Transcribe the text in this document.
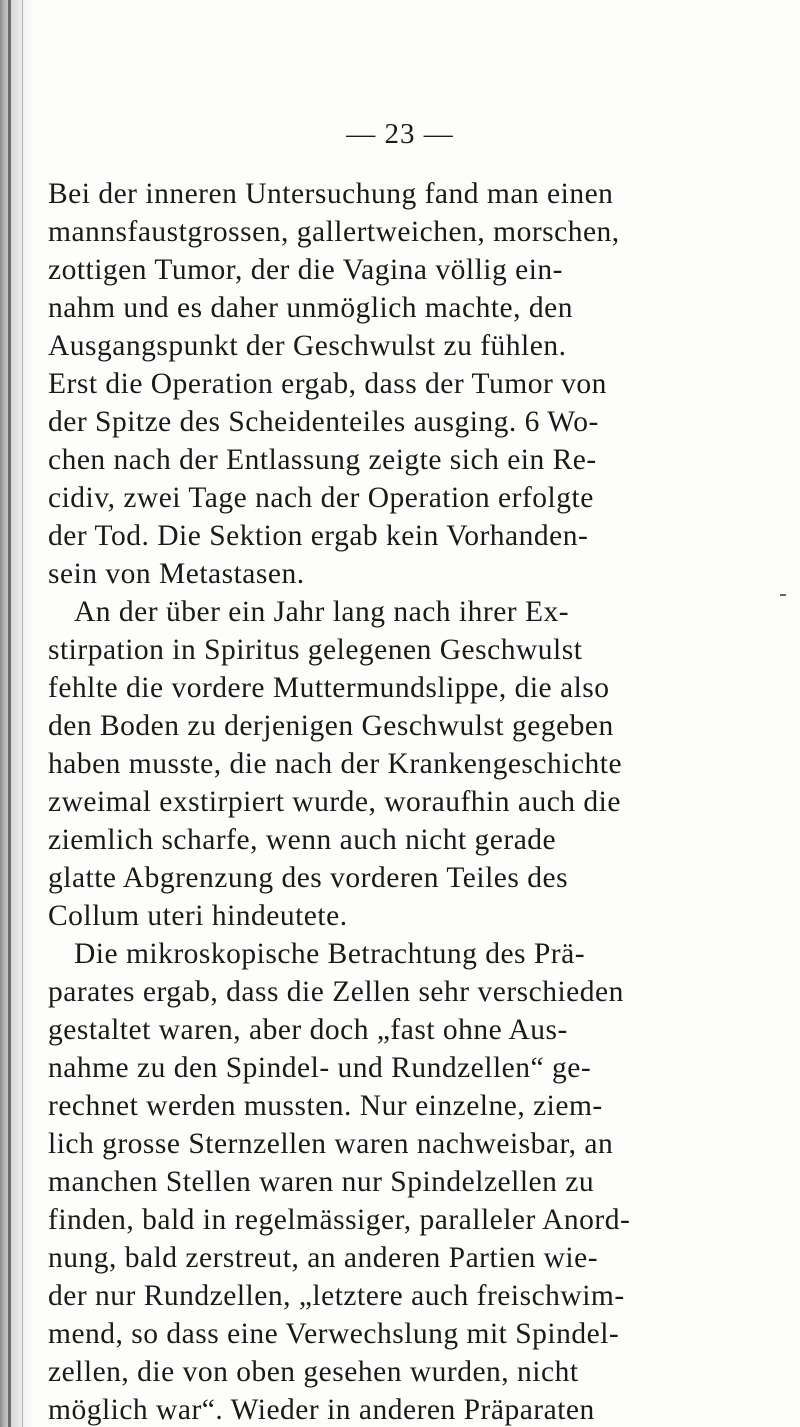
— 23 —
Bei der inneren Untersuchung fand man einen
mannsfaustgrossen, gallertweichen, morschen,
zottigen Tumor, der die Vagina völlig ein-
nahm und es daher unmöglich machte, den
Ausgangspunkt der Geschwulst zu fühlen.
Erst die Operation ergab, dass der Tumor von
der Spitze des Scheidenteiles ausging. 6 Wo-
chen nach der Entlassung zeigte sich ein Re-
cidiv, zwei Tage nach der Operation erfolgte
der Tod. Die Sektion ergab kein Vorhanden-
sein von Metastasen.
An der über ein Jahr lang nach ihrer Ex-
stirpation in Spiritus gelegenen Geschwulst
fehlte die vordere Muttermundslippe, die also
den Boden zu derjenigen Geschwulst gegeben
haben musste, die nach der Krankengeschichte
zweimal exstirpiert wurde, woraufhin auch die
ziemlich scharfe, wenn auch nicht gerade
glatte Abgrenzung des vorderen Teiles des
Collum uteri hindeutete.
Die mikroskopische Betrachtung des Prä-
parates ergab, dass die Zellen sehr verschieden
gestaltet waren, aber doch „fast ohne Aus-
nahme zu den Spindel- und Rundzellen“ ge-
rechnet werden mussten. Nur einzelne, ziem-
lich grosse Sternzellen waren nachweisbar, an
manchen Stellen waren nur Spindelzellen zu
finden, bald in regelmässiger, paralleler Anord-
nung, bald zerstreut, an anderen Partien wie-
der nur Rundzellen, „letztere auch freischwim-
mend, so dass eine Verwechslung mit Spindel-
zellen, die von oben gesehen wurden, nicht
möglich war“. Wieder in anderen Präparaten
